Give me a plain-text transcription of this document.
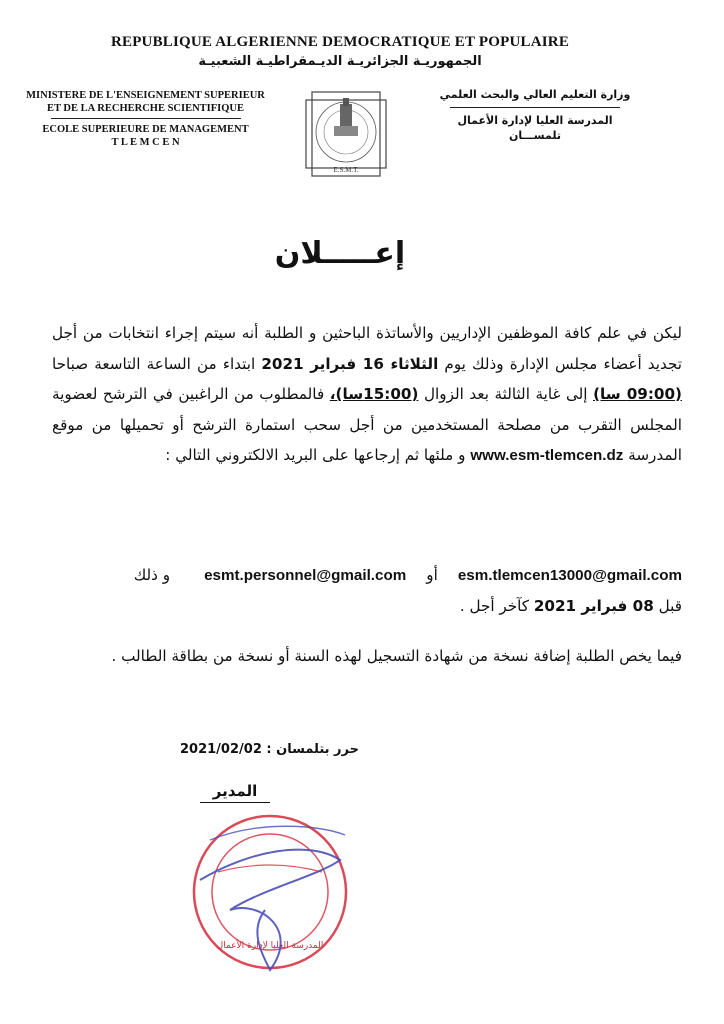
REPUBLIQUE ALGERIENNE DEMOCRATIQUE ET POPULAIRE
الجمهوريـة الجزائريـة الديـمقراطيـة الشعبيـة
MINISTERE DE L'ENSEIGNEMENT SUPERIEUR
ET DE LA RECHERCHE SCIENTIFIQUE
ECOLE SUPERIEURE DE MANAGEMENT
T L E M C E N
E.S.M.T.
وزارة التعليم العالي والبحث العلمي
المدرسة العليا لإدارة الأعمال
تلمســـان
إعـــــلان

ليكن في علم كافة الموظفين الإداريين والأساتذة الباحثين و الطلبة أنه سيتم إجراء انتخابات من أجل تجديد أعضاء مجلس الإدارة وذلك يوم الثلاثاء 16 فبراير 2021 ابتداء من الساعة التاسعة صباحا (09:00 سا) إلى غاية الثالثة بعد الزوال (15:00سا)، فالمطلوب من الراغبين في الترشح لعضوية المجلس التقرب من مصلحة المستخدمين من أجل سحب استمارة الترشح أو تحميلها من موقع المدرسة www.esm-tlemcen.dz و ملئها ثم إرجاعها على البريد الالكتروني التالي :

esm.tlemcen13000@gmail.comأوesmt.personnel@gmail.comو ذلك
قبل 08 فبراير 2021 كآخر أجل .
فيما يخص الطلبة إضافة نسخة من شهادة التسجيل لهذه السنة أو نسخة من بطاقة الطالب .
حرر بتلمسان : 2021/02/02
المدير
المدرسة العليا لإدارة الأعمال
